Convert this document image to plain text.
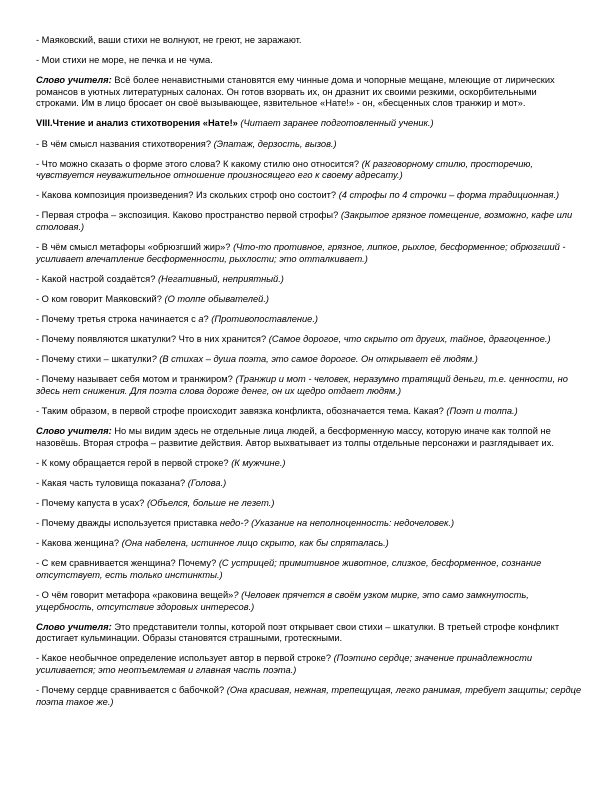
- Маяковский, ваши стихи не волнуют, не греют, не заражают.

- Мои стихи не море, не печка и не чума.

Слово учителя: Всё более ненавистными становятся ему чинные дома и чопорные мещане, млеющие от лирических романсов в уютных литературных салонах. Он готов взорвать их, он дразнит их своими резкими, оскорбительными строками. Им в лицо бросает он своё вызывающее, язвительное «Нате!» - он, «бесценных слов транжир и мот».

VIII.Чтение и анализ стихотворения «Нате!» (Читает заранее подготовленный ученик.)

- В чём смысл названия стихотворения? (Эпатаж, дерзость, вызов.)

- Что можно сказать о форме этого слова? К какому стилю оно относится? (К разговорному стилю, просторечию, чувствуется неуважительное отношение произносящего его к своему адресату.)

- Какова композиция произведения? Из скольких строф оно состоит? (4 строфы по 4 строчки – форма традиционная.)

- Первая строфа – экспозиция. Каково пространство первой строфы? (Закрытое грязное помещение, возможно, кафе или столовая.)

- В чём смысл метафоры «обрюзгший жир»? (Что-то противное, грязное, липкое, рыхлое, бесформенное; обрюзгший - усиливает впечатление бесформенности, рыхлости; это отталкивает.)

- Какой настрой создаётся? (Негативный, неприятный.)

- О ком говорит Маяковский? (О толпе обывателей.)

- Почему третья строка начинается с а? (Противопоставление.)

- Почему появляются шкатулки? Что в них хранится? (Самое дорогое, что скрыто от других, тайное, драгоценное.)

- Почему стихи – шкатулки? (В стихах – душа поэта, это самое дорогое. Он открывает её людям.)

- Почему называет себя мотом и транжиром? (Транжир и мот - человек, неразумно тратящий деньги, т.е. ценности, но здесь нет снижения. Для поэта слова дороже денег, он их щедро отдает людям.)

- Таким образом, в первой строфе происходит завязка конфликта, обозначается тема. Какая? (Поэт и толпа.)

Слово учителя: Но мы видим здесь не отдельные лица людей, а бесформенную массу, которую иначе как толпой не назовёшь. Вторая строфа – развитие действия. Автор выхватывает из толпы отдельные персонажи и разглядывает их.

- К кому обращается герой в первой строке? (К мужчине.)

- Какая часть туловища показана? (Голова.)

- Почему капуста в усах? (Объелся, больше не лезет.)

- Почему дважды используется приставка недо-? (Указание на неполноценность: недочеловек.)

- Какова женщина? (Она набелена, истинное лицо скрыто, как бы спряталась.)

- С кем сравнивается женщина? Почему? (С устрицей; примитивное животное, слизкое, бесформенное, сознание отсутствует, есть только инстинкты.)

- О чём говорит метафора «раковина вещей»? (Человек прячется в своём узком мирке, это само замкнутость, ущербность, отсутствие здоровых интересов.)

Слово учителя: Это представители толпы, которой поэт открывает свои стихи – шкатулки. В третьей строфе конфликт достигает кульминации. Образы становятся страшными, гротескными.

- Какое необычное определение использует автор в первой строке? (Поэтино сердце; значение принадлежности усиливается; это неотъемлемая и главная часть поэта.)

- Почему сердце сравнивается с бабочкой? (Она красивая, нежная, трепещущая, легко ранимая, требует защиты; сердце поэта такое же.)
